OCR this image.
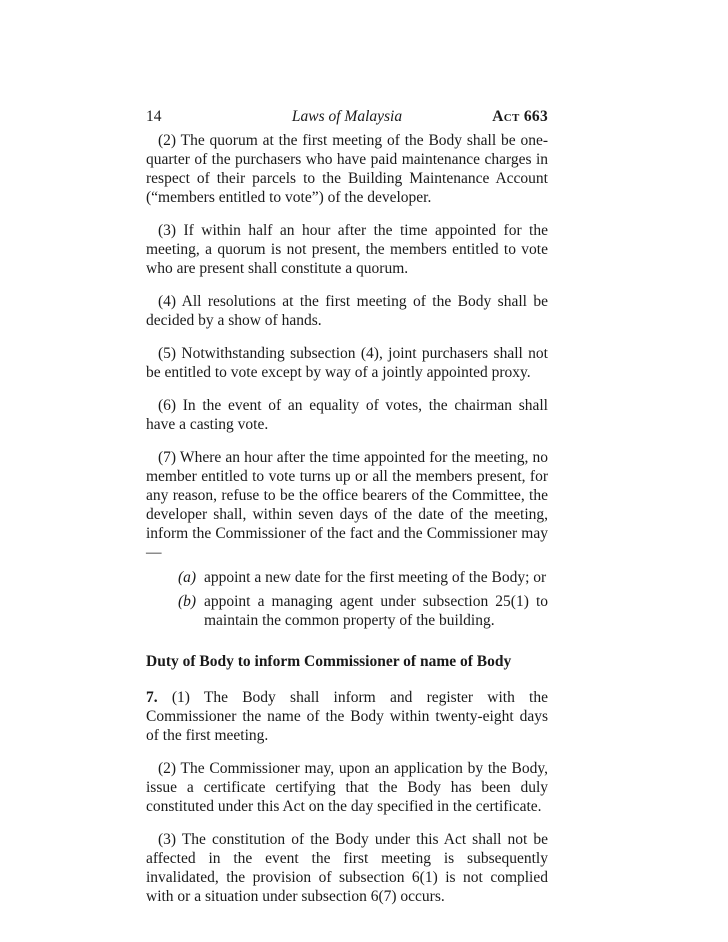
14	Laws of Malaysia	Act 663

(2) The quorum at the first meeting of the Body shall be one-quarter of the purchasers who have paid maintenance charges in respect of their parcels to the Building Maintenance Account (“members entitled to vote”) of the developer.

(3) If within half an hour after the time appointed for the meeting, a quorum is not present, the members entitled to vote who are present shall constitute a quorum.

(4) All resolutions at the first meeting of the Body shall be decided by a show of hands.

(5) Notwithstanding subsection (4), joint purchasers shall not be entitled to vote except by way of a jointly appointed proxy.

(6) In the event of an equality of votes, the chairman shall have a casting vote.

(7) Where an hour after the time appointed for the meeting, no member entitled to vote turns up or all the members present, for any reason, refuse to be the office bearers of the Committee, the developer shall, within seven days of the date of the meeting, inform the Commissioner of the fact and the Commissioner may—

(a) appoint a new date for the first meeting of the Body; or

(b) appoint a managing agent under subsection 25(1) to maintain the common property of the building.

Duty of Body to inform Commissioner of name of Body

7. (1) The Body shall inform and register with the Commissioner the name of the Body within twenty-eight days of the first meeting.

(2) The Commissioner may, upon an application by the Body, issue a certificate certifying that the Body has been duly constituted under this Act on the day specified in the certificate.

(3) The constitution of the Body under this Act shall not be affected in the event the first meeting is subsequently invalidated, the provision of subsection 6(1) is not complied with or a situation under subsection 6(7) occurs.
